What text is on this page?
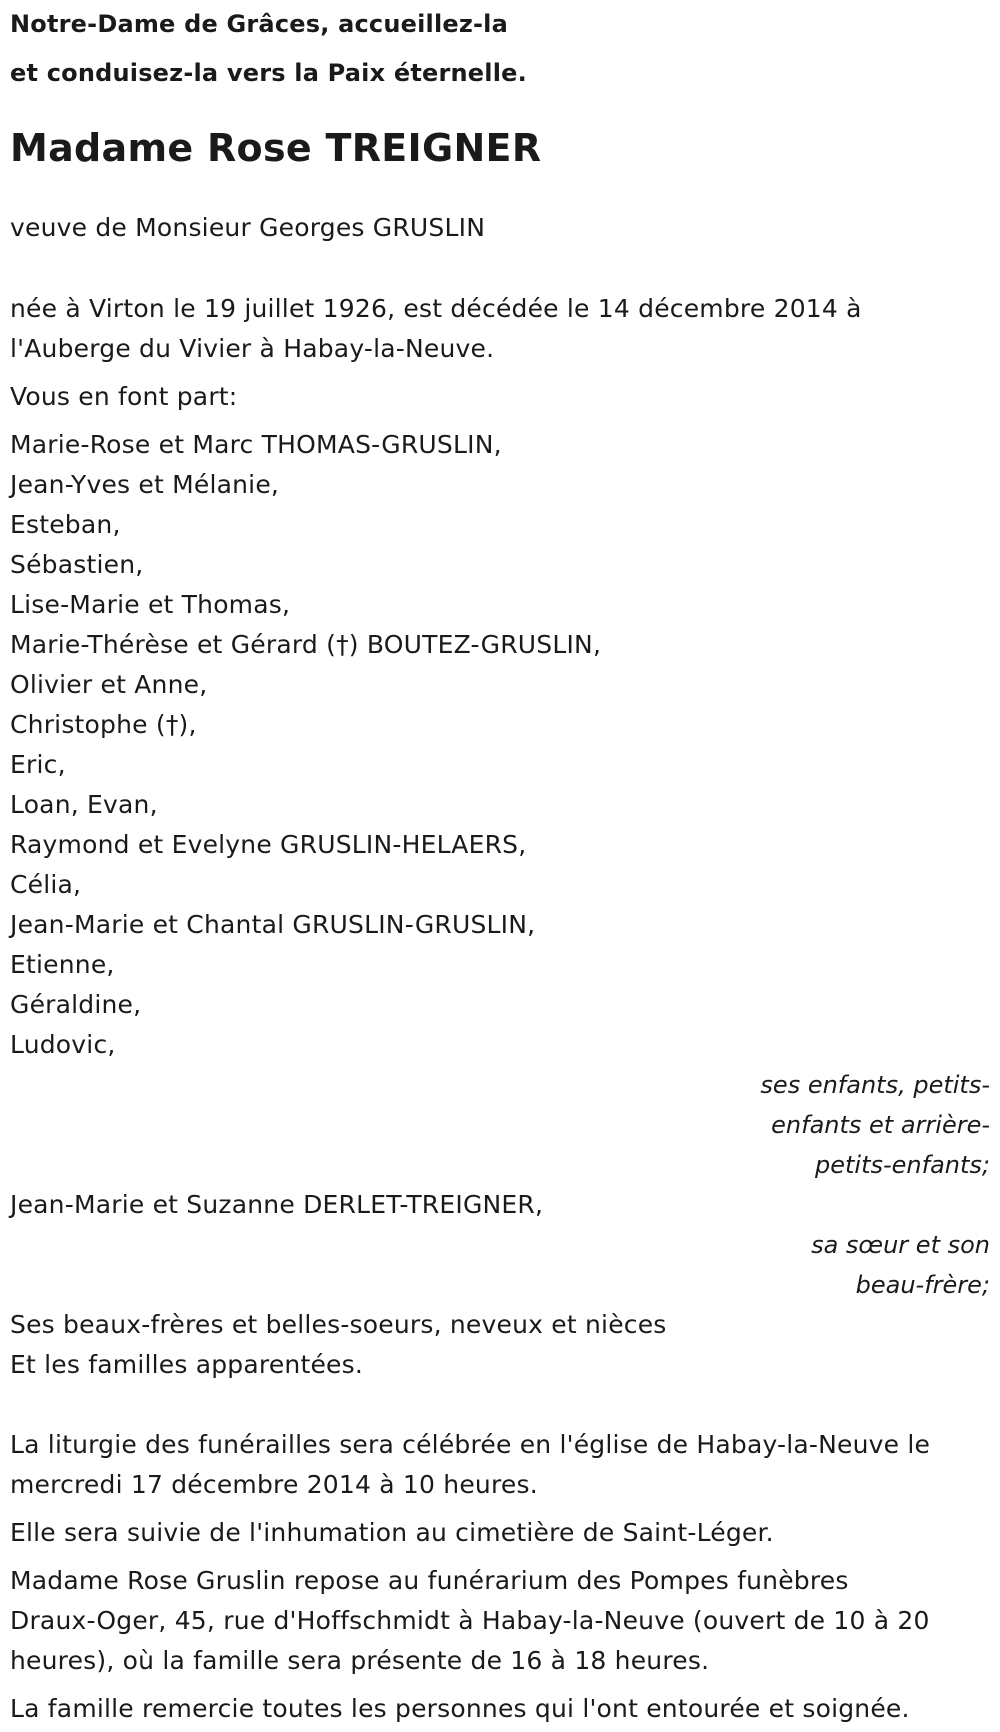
Notre-Dame de Grâces, accueillez-la
et conduisez-la vers la Paix éternelle.

Madame Rose TREIGNER

veuve de Monsieur Georges GRUSLIN

née à Virton le 19 juillet 1926, est décédée le 14 décembre 2014 à
l'Auberge du Vivier à Habay-la-Neuve.

Vous en font part:

Marie-Rose et Marc THOMAS-GRUSLIN,
Jean-Yves et Mélanie,
Esteban,
Sébastien,
Lise-Marie et Thomas,
Marie-Thérèse et Gérard (†) BOUTEZ-GRUSLIN,
Olivier et Anne,
Christophe (†),
Eric,
Loan, Evan,
Raymond et Evelyne GRUSLIN-HELAERS,
Célia,
Jean-Marie et Chantal GRUSLIN-GRUSLIN,
Etienne,
Géraldine,
Ludovic,

ses enfants, petits-
enfants et arrière-
petits-enfants;

Jean-Marie et Suzanne DERLET-TREIGNER,

sa sœur et son
beau-frère;

Ses beaux-frères et belles-soeurs, neveux et nièces
Et les familles apparentées.

La liturgie des funérailles sera célébrée en l'église de Habay-la-Neuve le
mercredi 17 décembre 2014 à 10 heures.

Elle sera suivie de l'inhumation au cimetière de Saint-Léger.

Madame Rose Gruslin repose au funérarium des Pompes funèbres
Draux-Oger, 45, rue d'Hoffschmidt à Habay-la-Neuve (ouvert de 10 à 20
heures), où la famille sera présente de 16 à 18 heures.

La famille remercie toutes les personnes qui l'ont entourée et soignée.
